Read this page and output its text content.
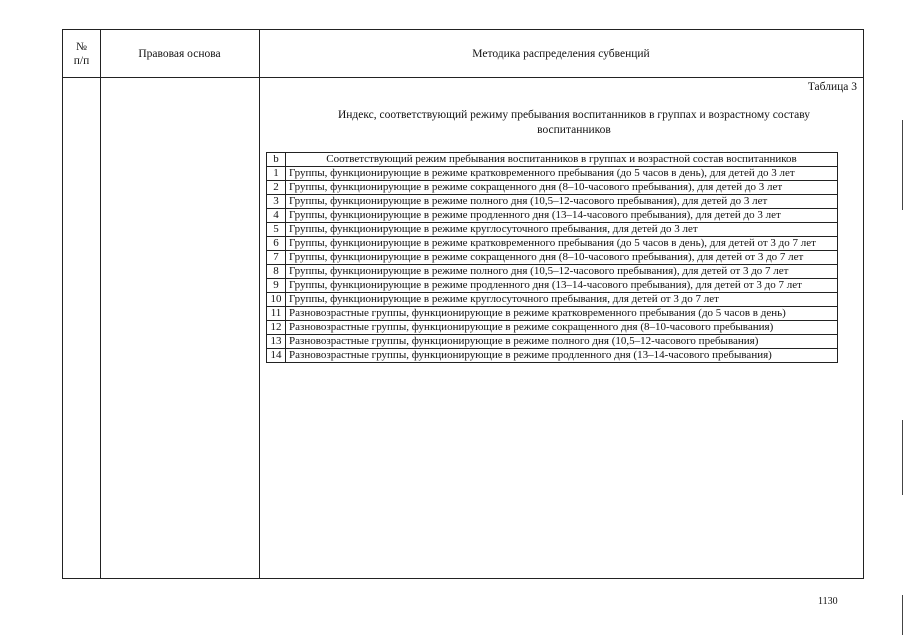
№
п/п
Правовая основа	Методика распределения субвенций
Таблица 3
Индекс, соответствующий режиму пребывания воспитанников в группах и возрастному составу воспитанников
b	Соответствующий режим пребывания воспитанников в группах и возрастной состав воспитанников
1	Группы, функционирующие в режиме кратковременного пребывания (до 5 часов в день), для детей до 3 лет
2	Группы, функционирующие в режиме сокращенного дня (8–10-часового пребывания), для детей до 3 лет
3	Группы, функционирующие в режиме полного дня (10,5–12-часового пребывания), для детей до 3 лет
4	Группы, функционирующие в режиме продленного дня (13–14-часового пребывания), для детей до 3 лет
5	Группы, функционирующие в режиме круглосуточного пребывания, для детей до 3 лет
6	Группы, функционирующие в режиме кратковременного пребывания (до 5 часов в день), для детей от 3 до 7 лет
7	Группы, функционирующие в режиме сокращенного дня (8–10-часового пребывания), для детей от 3 до 7 лет
8	Группы, функционирующие в режиме полного дня (10,5–12-часового пребывания), для детей от 3 до 7 лет
9	Группы, функционирующие в режиме продленного дня (13–14-часового пребывания), для детей от 3 до 7 лет
10	Группы, функционирующие в режиме круглосуточного пребывания, для детей от 3 до 7 лет
11	Разновозрастные группы, функционирующие в режиме кратковременного пребывания (до 5 часов в день)
12	Разновозрастные группы, функционирующие в режиме сокращенного дня (8–10-часового пребывания)
13	Разновозрастные группы, функционирующие в режиме полного дня (10,5–12-часового пребывания)
14	Разновозрастные группы, функционирующие в режиме продленного дня (13–14-часового пребывания)
1130
